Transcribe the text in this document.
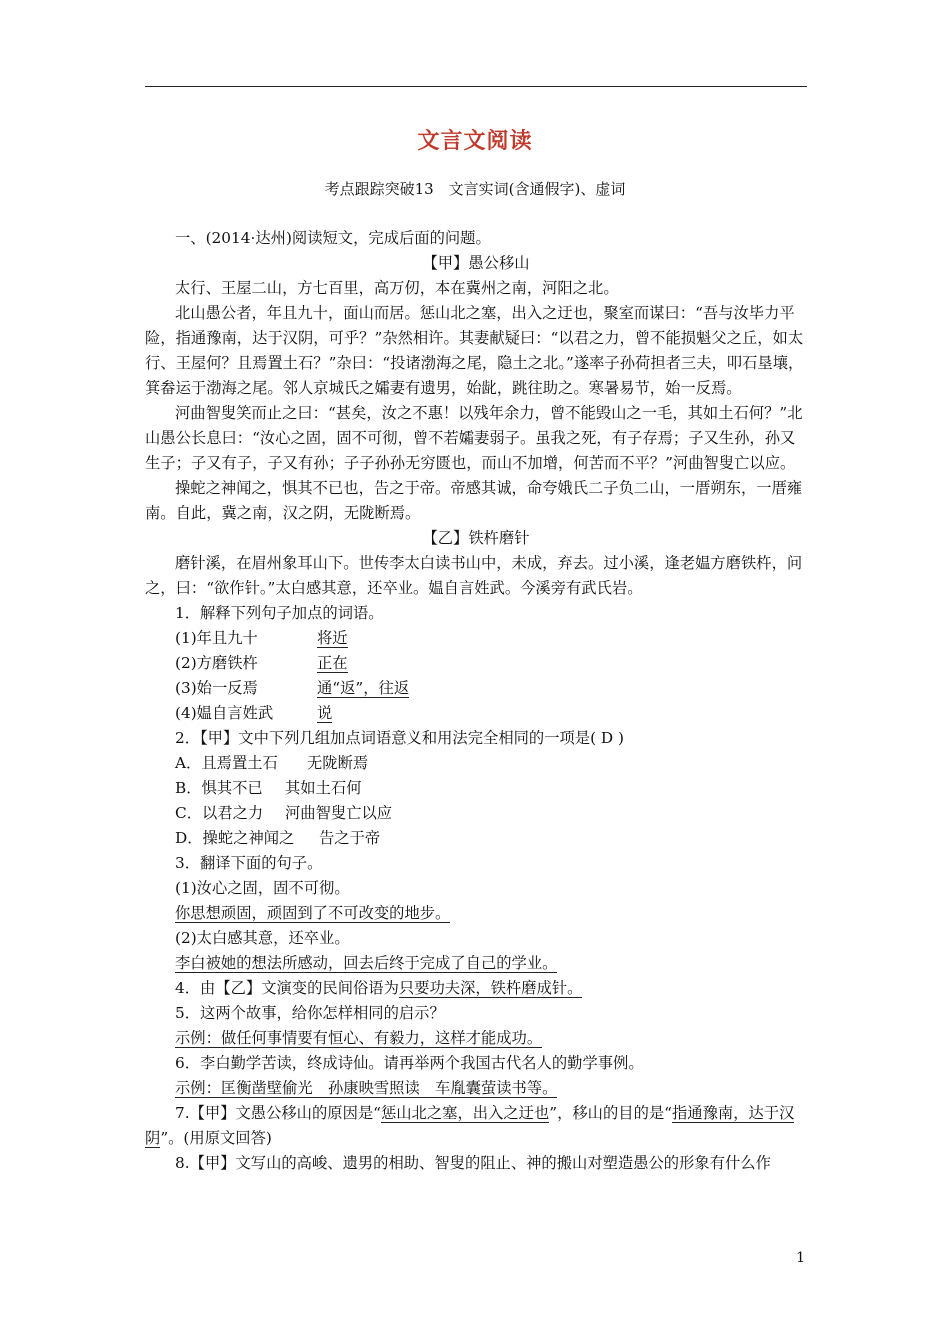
文言文阅读
考点跟踪突破13　文言实词(含通假字)、虚词

一、(2014·达州)阅读短文，完成后面的问题。

【甲】愚公移山

太行、王屋二山，方七百里，高万仞，本在冀州之南，河阳之北。

北山愚公者，年且九十，面山而居。惩山北之塞，出入之迂也，聚室而谋曰：“吾与汝毕力平险，指通豫南，达于汉阴，可乎？”杂然相许。其妻献疑曰：“以君之力，曾不能损魁父之丘，如太行、王屋何？且焉置土石？”杂曰：“投诸渤海之尾，隐土之北。”遂率子孙荷担者三夫，叩石垦壤，箕畚运于渤海之尾。邻人京城氏之孀妻有遗男，始龀，跳往助之。寒暑易节，始一反焉。

河曲智叟笑而止之曰：“甚矣，汝之不惠！以残年余力，曾不能毁山之一毛，其如土石何？”北山愚公长息曰：“汝心之固，固不可彻，曾不若孀妻弱子。虽我之死，有子存焉；子又生孙，孙又生子；子又有子，子又有孙；子子孙孙无穷匮也，而山不加增，何苦而不平？”河曲智叟亡以应。

操蛇之神闻之，惧其不已也，告之于帝。帝感其诚，命夸娥氏二子负二山，一厝朔东，一厝雍南。自此，冀之南，汉之阴，无陇断焉。

【乙】铁杵磨针

磨针溪，在眉州象耳山下。世传李太白读书山中，未成，弃去。过小溪，逢老媪方磨铁杵，问之，曰：“欲作针。”太白感其意，还卒业。媪自言姓武。今溪旁有武氏岩。

1．解释下列句子加点的词语。

(1)年且九十	将近

(2)方磨铁杵	正在

(3)始一反焉	通“返”，往返

(4)媪自言姓武	说

2．【甲】文中下列几组加点词语意义和用法完全相同的一项是( D )

A．且焉置土石 无陇断焉

B．惧其不已 其如土石何

C．以君之力 河曲智叟亡以应

D．操蛇之神闻之 告之于帝

3．翻译下面的句子。

(1)汝心之固，固不可彻。

你思想顽固，顽固到了不可改变的地步。

(2)太白感其意，还卒业。

李白被她的想法所感动，回去后终于完成了自己的学业。

4．由【乙】文演变的民间俗语为只要功夫深，铁杵磨成针。

5．这两个故事，给你怎样相同的启示？

示例：做任何事情要有恒心、有毅力，这样才能成功。

6．李白勤学苦读，终成诗仙。请再举两个我国古代名人的勤学事例。

示例：匡衡凿壁偷光　孙康映雪照读　车胤囊萤读书等。

7.【甲】文愚公移山的原因是“惩山北之塞，出入之迂也”，移山的目的是“指通豫南，达于汉阴”。(用原文回答)

8.【甲】文写山的高峻、遗男的相助、智叟的阻止、神的搬山对塑造愚公的形象有什么作

1
